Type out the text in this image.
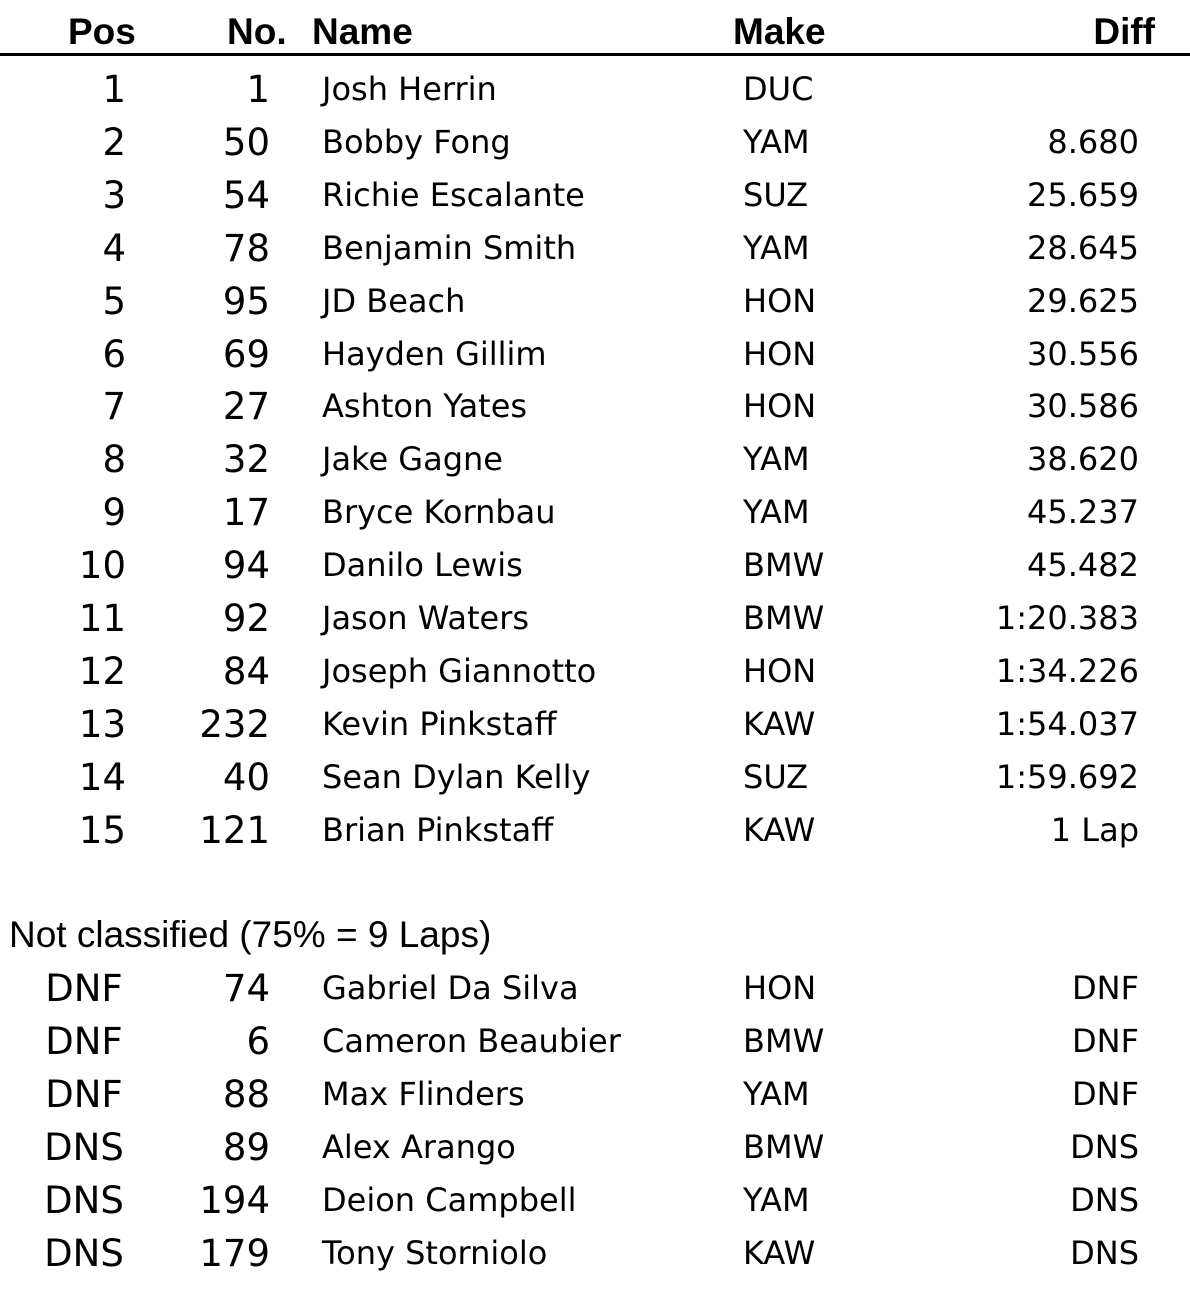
Pos No. Name	Make	Diff
1	1 Josh Herrin	DUC
2	50 Bobby Fong	YAM	8.680
3	54 Richie Escalante	SUZ	25.659
4	78 Benjamin Smith	YAM	28.645
5	95 JD Beach	HON	29.625
6	69 Hayden Gillim	HON	30.556
7	27 Ashton Yates	HON	30.586
8	32 Jake Gagne	YAM	38.620
9	17 Bryce Kornbau	YAM	45.237
10	94 Danilo Lewis	BMW	45.482
11	92 Jason Waters	BMW	1:20.383
12	84 Joseph Giannotto	HON	1:34.226
13	232 Kevin Pinkstaff	KAW	1:54.037
14	40 Sean Dylan Kelly	SUZ	1:59.692
15	121 Brian Pinkstaff	KAW	1 Lap
Not classified (75% = 9 Laps)
DNF	74 Gabriel Da Silva	HON	DNF
DNF	6 Cameron Beaubier	BMW	DNF
DNF	88 Max Flinders	YAM	DNF
DNS	89 Alex Arango	BMW	DNS
DNS	194 Deion Campbell	YAM	DNS
DNS	179 Tony Storniolo	KAW	DNS
